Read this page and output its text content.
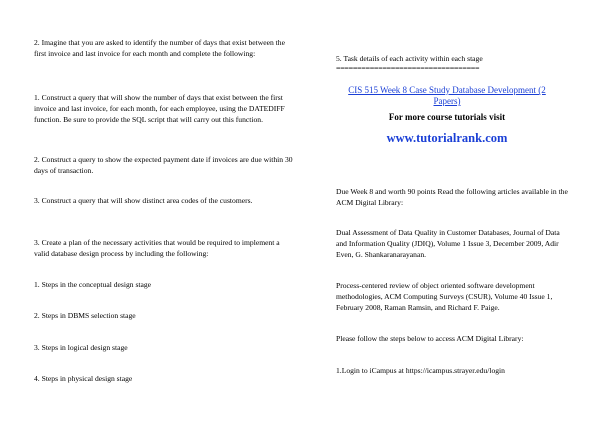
2. Imagine that you are asked to identify the number of days that exist between the first invoice and last invoice for each month and complete the following:

1. Construct a query that will show the number of days that exist between the first invoice and last invoice, for each month, for each employee, using the DATEDIFF function. Be sure to provide the SQL script that will carry out this function.

2. Construct a query to show the expected payment date if invoices are due within 30 days of transaction.

3. Construct a query that will show distinct area codes of the customers.

3. Create a plan of the necessary activities that would be required to implement a valid database design process by including the following:

1. Steps in the conceptual design stage

2. Steps in DBMS selection stage

3. Steps in logical design stage

4. Steps in physical design stage

5. Task details of each activity within each stage

==================================
CIS 515 Week 8 Case Study Database Development (2 Papers)
For more course tutorials visit
www.tutorialrank.com

Due Week 8 and worth 90 points Read the following articles available in the ACM Digital Library:

Dual Assessment of Data Quality in Customer Databases, Journal of Data and Information Quality (JDIQ), Volume 1 Issue 3, December 2009, Adir Even, G. Shankaranarayanan.

Process-centered review of object oriented software development methodologies, ACM Computing Surveys (CSUR), Volume 40 Issue 1, February 2008, Raman Ramsin, and Richard F. Paige.

Please follow the steps below to access ACM Digital Library:

1.Login to iCampus at https://icampus.strayer.edu/login
